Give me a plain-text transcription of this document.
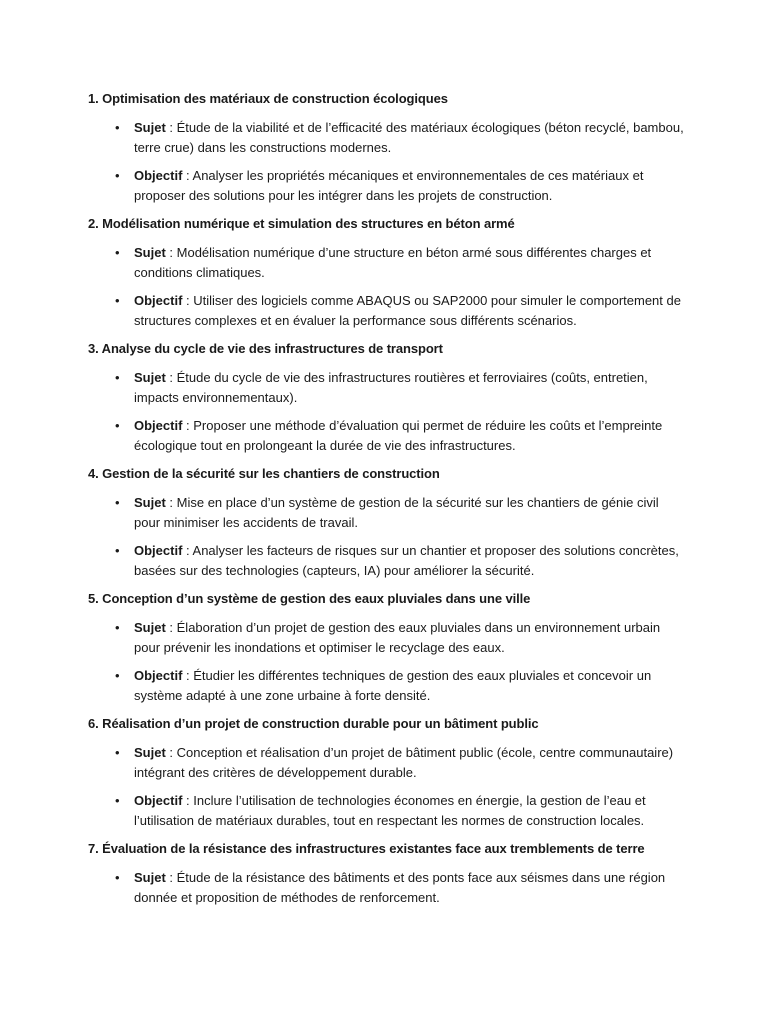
1. Optimisation des matériaux de construction écologiques
• Sujet : Étude de la viabilité et de l’efficacité des matériaux écologiques (béton recyclé, bambou, terre crue) dans les constructions modernes.
• Objectif : Analyser les propriétés mécaniques et environnementales de ces matériaux et proposer des solutions pour les intégrer dans les projets de construction.
2. Modélisation numérique et simulation des structures en béton armé
• Sujet : Modélisation numérique d’une structure en béton armé sous différentes charges et conditions climatiques.
• Objectif : Utiliser des logiciels comme ABAQUS ou SAP2000 pour simuler le comportement de structures complexes et en évaluer la performance sous différents scénarios.
3. Analyse du cycle de vie des infrastructures de transport
• Sujet : Étude du cycle de vie des infrastructures routières et ferroviaires (coûts, entretien, impacts environnementaux).
• Objectif : Proposer une méthode d’évaluation qui permet de réduire les coûts et l’empreinte écologique tout en prolongeant la durée de vie des infrastructures.
4. Gestion de la sécurité sur les chantiers de construction
• Sujet : Mise en place d’un système de gestion de la sécurité sur les chantiers de génie civil pour minimiser les accidents de travail.
• Objectif : Analyser les facteurs de risques sur un chantier et proposer des solutions concrètes, basées sur des technologies (capteurs, IA) pour améliorer la sécurité.
5. Conception d’un système de gestion des eaux pluviales dans une ville
• Sujet : Élaboration d’un projet de gestion des eaux pluviales dans un environnement urbain pour prévenir les inondations et optimiser le recyclage des eaux.
• Objectif : Étudier les différentes techniques de gestion des eaux pluviales et concevoir un système adapté à une zone urbaine à forte densité.
6. Réalisation d’un projet de construction durable pour un bâtiment public
• Sujet : Conception et réalisation d’un projet de bâtiment public (école, centre communautaire) intégrant des critères de développement durable.
• Objectif : Inclure l’utilisation de technologies économes en énergie, la gestion de l’eau et l’utilisation de matériaux durables, tout en respectant les normes de construction locales.
7. Évaluation de la résistance des infrastructures existantes face aux tremblements de terre
• Sujet : Étude de la résistance des bâtiments et des ponts face aux séismes dans une région donnée et proposition de méthodes de renforcement.
